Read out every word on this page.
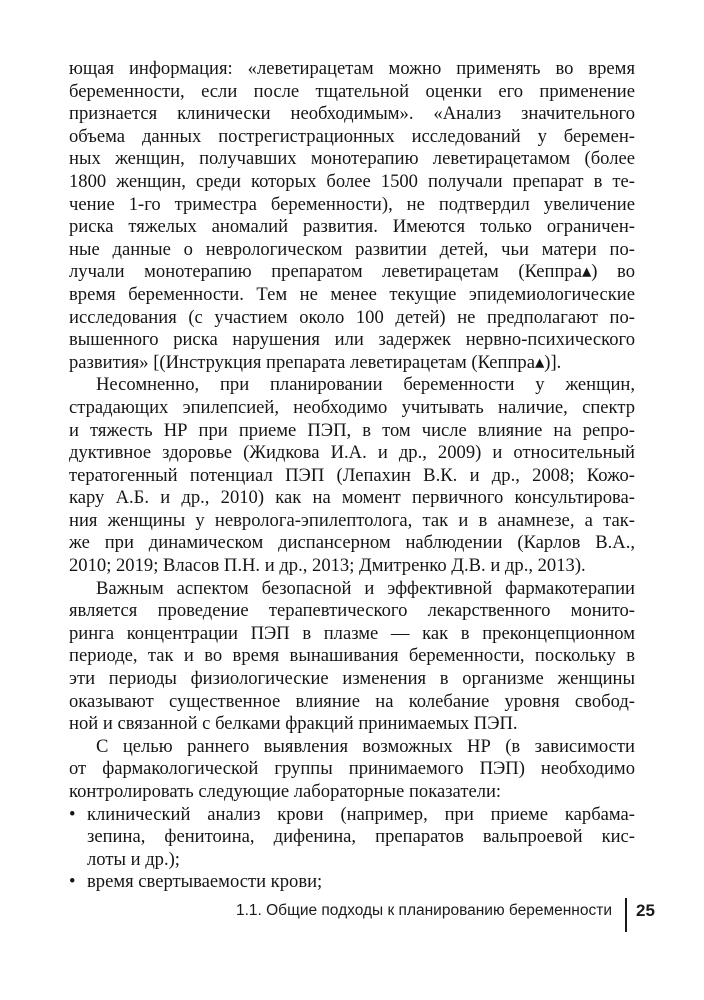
ющая информация: «леветирацетам можно применять во время
беременности, если после тщательной оценки его применение
признается клинически необходимым». «Анализ значительного
объема данных пострегистрационных исследований у беремен-
ных женщин, получавших монотерапию леветирацетамом (более
1800 женщин, среди которых более 1500 получали препарат в те-
чение 1-го триместра беременности), не подтвердил увеличение
риска тяжелых аномалий развития. Имеются только ограничен-
ные данные о неврологическом развитии детей, чьи матери по-
лучали монотерапию препаратом леветирацетам (Кеппра▴) во
время беременности. Тем не менее текущие эпидемиологические
исследования (с участием около 100 детей) не предполагают по-
вышенного риска нарушения или задержек нервно-психического
развития» [(Инструкция препарата леветирацетам (Кеппра▴)].
Несомненно, при планировании беременности у женщин,
страдающих эпилепсией, необходимо учитывать наличие, спектр
и тяжесть НР при приеме ПЭП, в том числе влияние на репро-
дуктивное здоровье (Жидкова И.А. и др., 2009) и относительный
тератогенный потенциал ПЭП (Лепахин В.К. и др., 2008; Кожо-
кару А.Б. и др., 2010) как на момент первичного консультирова-
ния женщины у невролога-эпилептолога, так и в анамнезе, а так-
же при динамическом диспансерном наблюдении (Карлов В.А.,
2010; 2019; Власов П.Н. и др., 2013; Дмитренко Д.В. и др., 2013).
Важным аспектом безопасной и эффективной фармакотерапии
является проведение терапевтического лекарственного монито-
ринга концентрации ПЭП в плазме — как в преконцепционном
периоде, так и во время вынашивания беременности, поскольку в
эти периоды физиологические изменения в организме женщины
оказывают существенное влияние на колебание уровня свобод-
ной и связанной с белками фракций принимаемых ПЭП.
С целью раннего выявления возможных НР (в зависимости
от фармакологической группы принимаемого ПЭП) необходимо
контролировать следующие лабораторные показатели:
• клинический анализ крови (например, при приеме карбама-
зепина, фенитоина, дифенина, препаратов вальпроевой кис-
лоты и др.);
• время свертываемости крови;
1.1. Общие подходы к планированию беременности 25
